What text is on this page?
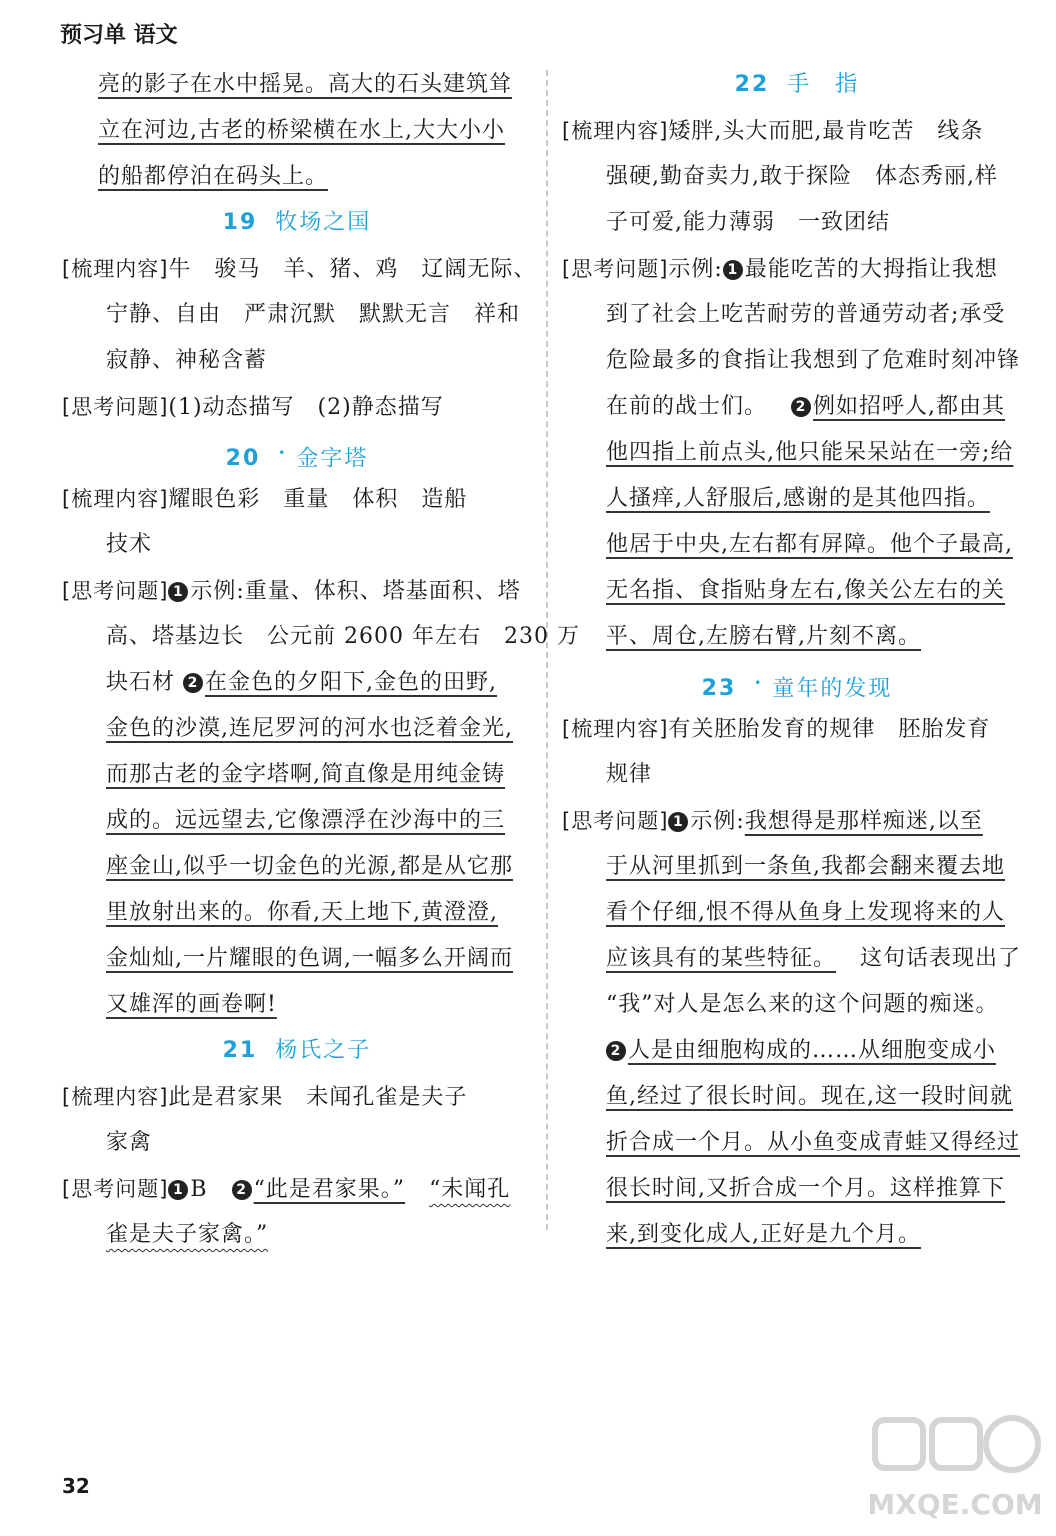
预习单 语文
亮的影子在水中摇晃。高大的石头建筑耸
立在河边,古老的桥梁横在水上,大大小小
的船都停泊在码头上。
19 牧场之国
[梳理内容]牛　骏马　羊、猪、鸡　辽阔无际、
宁静、自由　严肃沉默　默默无言　祥和
寂静、神秘含蓄
[思考问题](1)动态描写　(2)静态描写
20 • 金字塔
[梳理内容]耀眼色彩　重量　体积　造船
技术
[思考问题] 1 示例:重量、体积、塔基面积、塔
高、塔基边长　公元前 2600 年左右　230 万
块石材 2 在金色的夕阳下,金色的田野,
金色的沙漠,连尼罗河的河水也泛着金光,
而那古老的金字塔啊,简直像是用纯金铸
成的。远远望去,它像漂浮在沙海中的三
座金山,似乎一切金色的光源,都是从它那
里放射出来的。你看,天上地下,黄澄澄,
金灿灿,一片耀眼的色调,一幅多么开阔而
又雄浑的画卷啊!
21 杨氏之子
[梳理内容]此是君家果　未闻孔雀是夫子
家禽
[思考问题] 1 B 2 “此是君家果。” “未闻孔
雀是夫子家禽。”
22 手　指
[梳理内容]矮胖,头大而肥,最肯吃苦　线条
强硬,勤奋卖力,敢于探险　体态秀丽,样
子可爱,能力薄弱　一致团结
[思考问题]示例: 1 最能吃苦的大拇指让我想
到了社会上吃苦耐劳的普通劳动者;承受
危险最多的食指让我想到了危难时刻冲锋
在前的战士们。 2 例如招呼人,都由其
他四指上前点头,他只能呆呆站在一旁;给
人搔痒,人舒服后,感谢的是其他四指。
他居于中央,左右都有屏障。他个子最高,
无名指、食指贴身左右,像关公左右的关
平、周仓,左膀右臂,片刻不离。
23 • 童年的发现
[梳理内容]有关胚胎发育的规律　胚胎发育
规律
[思考问题] 1 示例:我想得是那样痴迷,以至
于从河里抓到一条鱼,我都会翻来覆去地
看个仔细,恨不得从鱼身上发现将来的人
应该具有的某些特征。 这句话表现出了
“我”对人是怎么来的这个问题的痴迷。
2 人是由细胞构成的……从细胞变成小
鱼,经过了很长时间。现在,这一段时间就
折合成一个月。从小鱼变成青蛙又得经过
很长时间,又折合成一个月。这样推算下
来,到变化成人,正好是九个月。
32
MXQE.COM
